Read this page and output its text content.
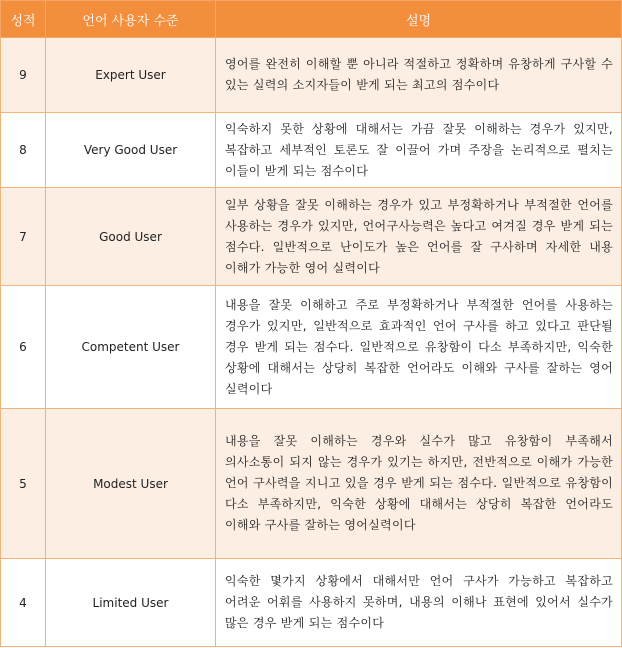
성적	언어 사용자 수준	설명
9	Expert User	영어를 완전히 이해할 뿐 아니라 적절하고 정확하며 유창하게 구사할 수 있는 실력의 소지자들이 받게 되는 최고의 점수이다
8	Very Good User	익숙하지 못한 상황에 대해서는 가끔 잘못 이해하는 경우가 있지만, 복잡하고 세부적인 토론도 잘 이끌어 가며 주장을 논리적으로 펼치는 이들이 받게 되는 점수이다
7	Good User	일부 상황을 잘못 이해하는 경우가 있고 부정확하거나 부적절한 언어를 사용하는 경우가 있지만, 언어구사능력은 높다고 여겨질 경우 받게 되는 점수다. 일반적으로 난이도가 높은 언어를 잘 구사하며 자세한 내용 이해가 가능한 영어 실력이다
6	Competent User	내용을 잘못 이해하고 주로 부정확하거나 부적절한 언어를 사용하는 경우가 있지만, 일반적으로 효과적인 언어 구사를 하고 있다고 판단될 경우 받게 되는 점수다. 일반적으로 유창함이 다소 부족하지만, 익숙한 상황에 대해서는 상당히 복잡한 언어라도 이해와 구사를 잘하는 영어 실력이다
5	Modest User	내용을 잘못 이해하는 경우와 실수가 많고 유창함이 부족해서 의사소통이 되지 않는 경우가 있기는 하지만, 전반적으로 이해가 가능한 언어 구사력을 지니고 있을 경우 받게 되는 점수다. 일반적으로 유창함이 다소 부족하지만, 익숙한 상황에 대해서는 상당히 복잡한 언어라도 이해와 구사를 잘하는 영어실력이다
4	Limited User	익숙한 몇가지 상황에서 대해서만 언어 구사가 가능하고 복잡하고 어려운 어휘를 사용하지 못하며, 내용의 이해나 표현에 있어서 실수가 많은 경우 받게 되는 점수이다
